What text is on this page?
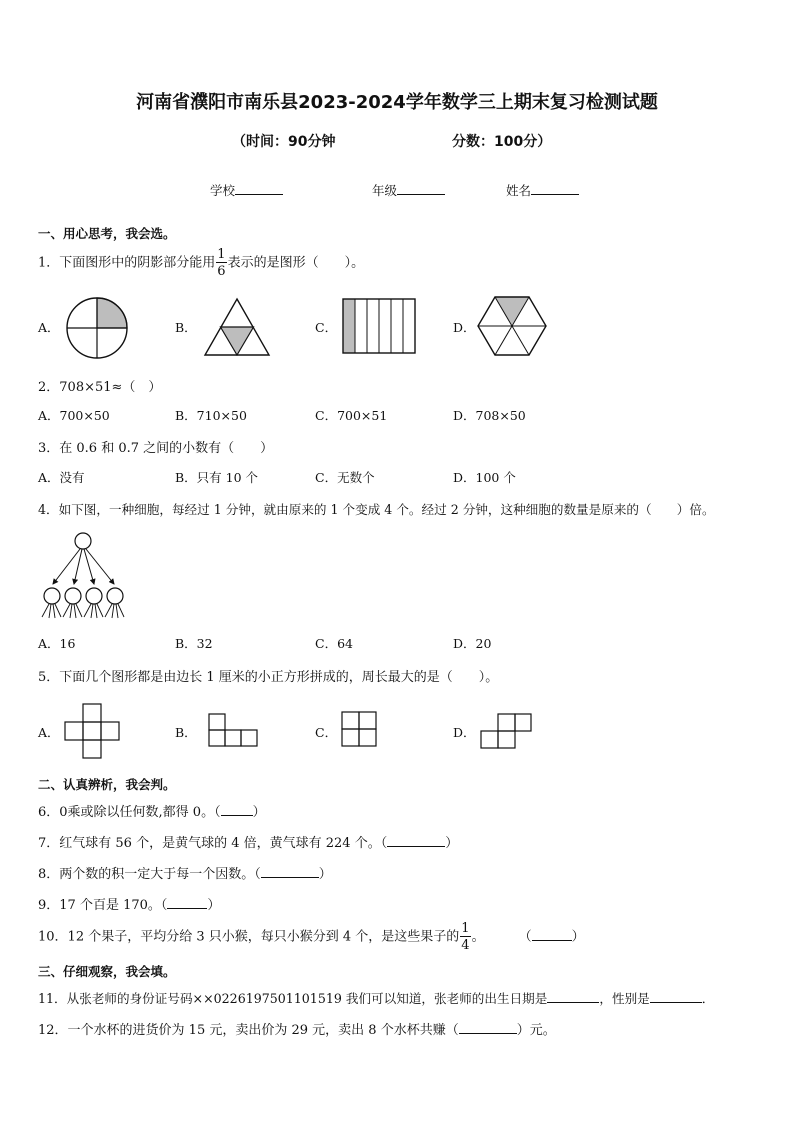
河南省濮阳市南乐县2023-2024学年数学三上期末复习检测试题
（时间：90分钟	分数：100分）
学校	年级	姓名
一、用心思考，我会选。
1．下面图形中的阴影部分能用 $\frac{1}{6}$ 表示的是图形（　　）。
A．	B．	C．	D．
2．708×51≈（　）
A．700×50	B．710×50	C．700×51	D．708×50
3．在 0.6 和 0.7 之间的小数有（　　）
A．没有	B．只有 10 个	C．无数个	D．100 个
4．如下图，一种细胞，每经过 1 分钟，就由原来的 1 个变成 4 个。经过 2 分钟，这种细胞的数量是原来的（　　）倍。
A．16	B．32	C．64	D．20
5．下面几个图形都是由边长 1 厘米的小正方形拼成的，周长最大的是（　　）。
A．	B．	C．	D．
二、认真辨析，我会判。
6．0乘或除以任何数,都得 0。（ ）
7．红气球有 56 个，是黄气球的 4 倍，黄气球有 224 个。（	）
8．两个数的积一定大于每一个因数。（	）
9．17 个百是 170。（	）
10．12 个果子，平均分给 3 只小猴，每只小猴分到 4 个，是这些果子的 $\frac{1}{4}$ 。	（	）
三、仔细观察，我会填。
11．从张老师的身份证号码××0226197501101519 我们可以知道，张老师的出生日期是	，性别是	．
12．一个水杯的进货价为 15 元，卖出价为 29 元，卖出 8 个水杯共赚（	）元。
